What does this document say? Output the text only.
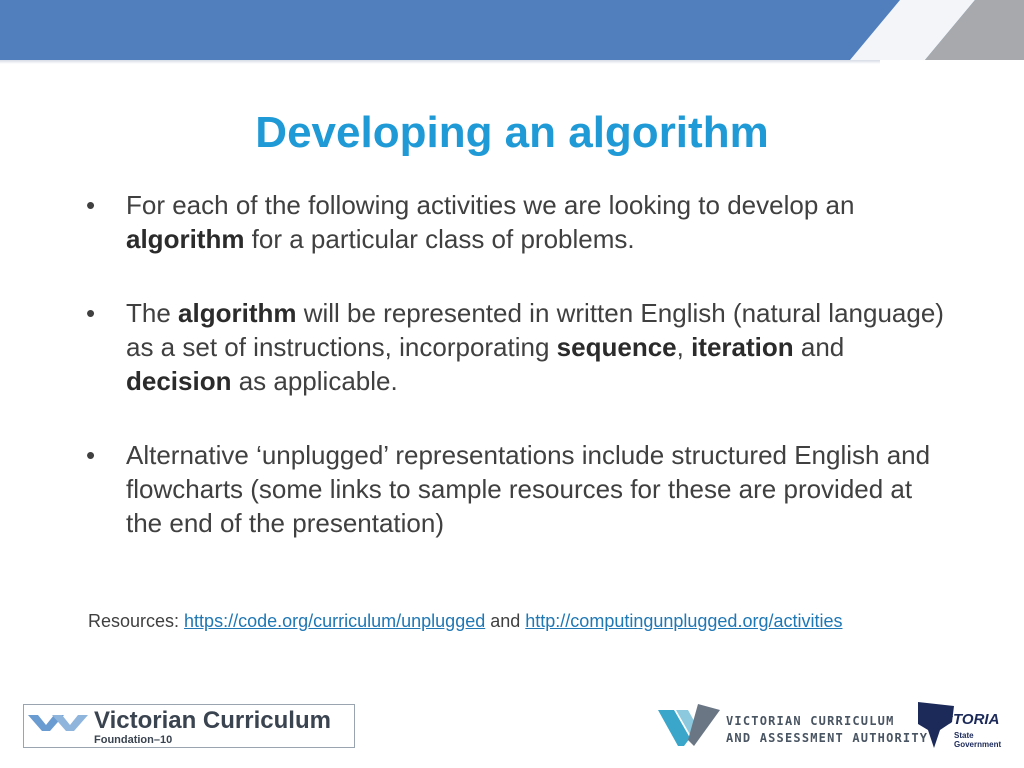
Developing an algorithm
•	For each of the following activities we are looking to develop an algorithm for a particular class of problems.
•	The algorithm will be represented in written English (natural language) as a set of instructions, incorporating sequence, iteration and decision as applicable.
•	Alternative ‘unplugged’ representations include structured English and flowcharts (some links to sample resources for these are provided at the end of the presentation)
Resources: https://code.org/curriculum/unplugged and http://computingunplugged.org/activities
Victorian Curriculum
Foundation–10
VICTORIAN CURRICULUM
AND ASSESSMENT AUTHORITY
VICTORIA
State
Government
